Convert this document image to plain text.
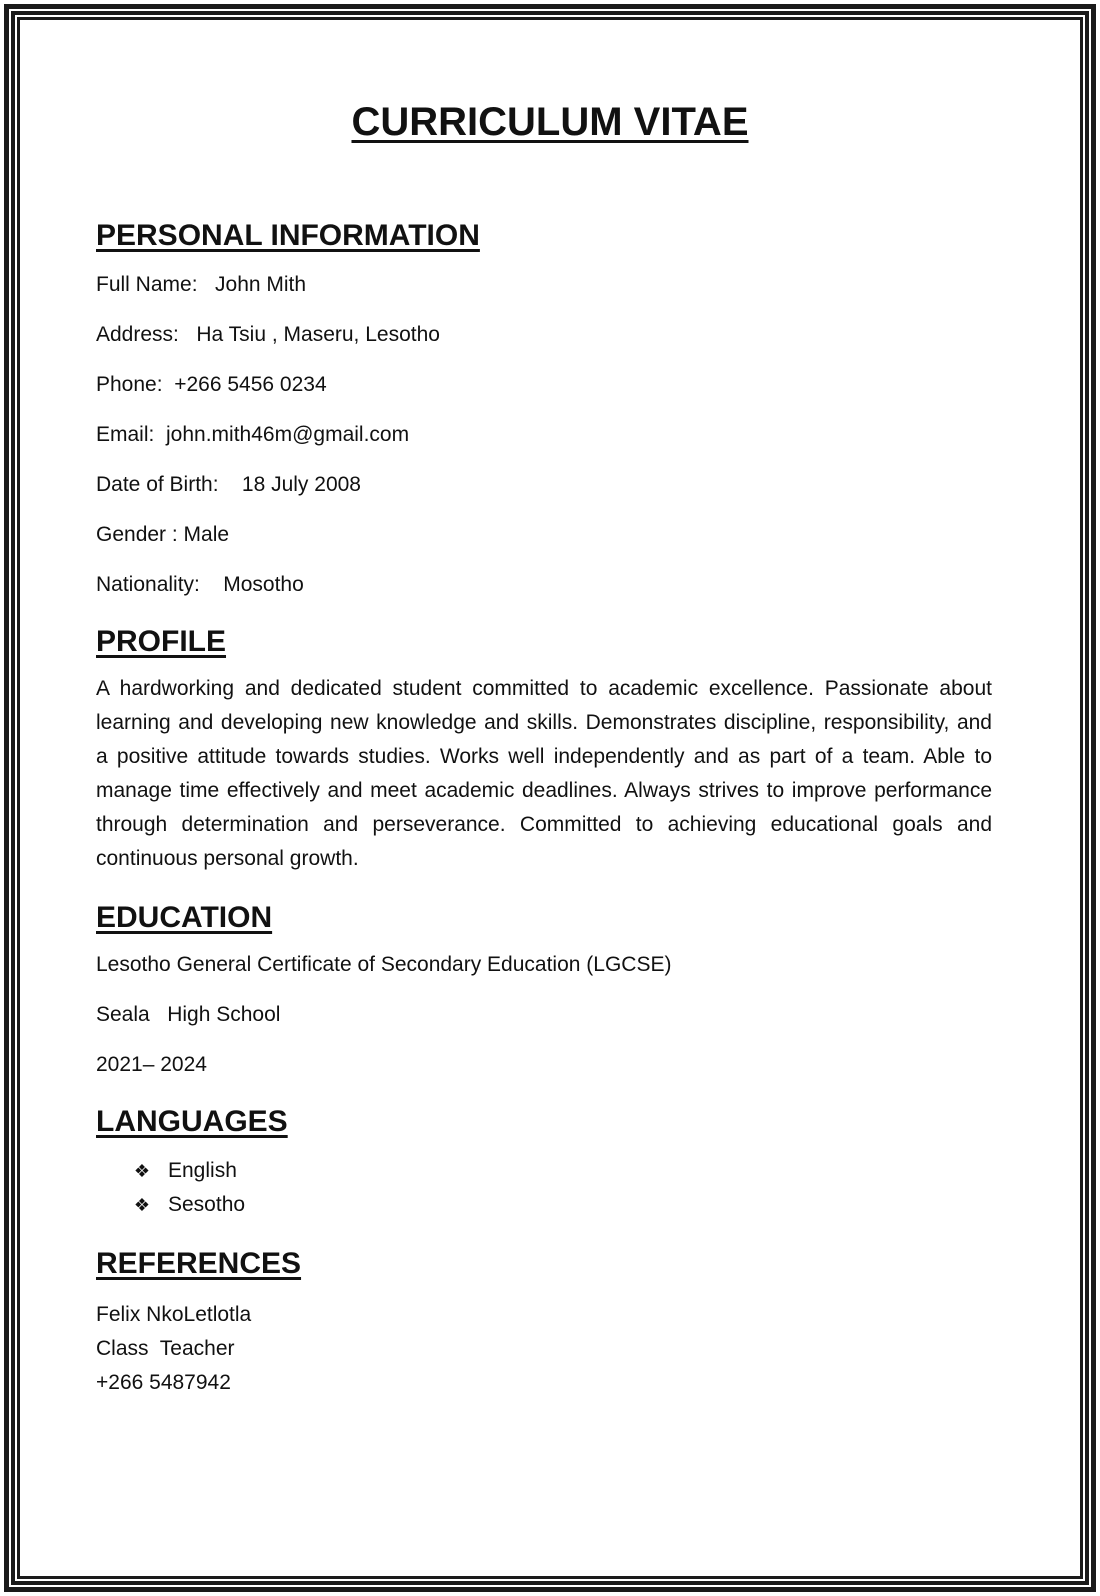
CURRICULUM VITAE
PERSONAL INFORMATION

Full Name:   John Mith

Address:   Ha Tsiu , Maseru, Lesotho

Phone:  +266 5456 0234

Email:  john.mith46m@gmail.com

Date of Birth:    18 July 2008

Gender : Male

Nationality:    Mosotho

PROFILE

A hardworking and dedicated student committed to academic excellence. Passionate about learning and developing new knowledge and skills. Demonstrates discipline, responsibility, and a positive attitude towards studies. Works well independently and as part of a team. Able to manage time effectively and meet academic deadlines. Always strives to improve performance through determination and perseverance. Committed to achieving educational goals and continuous personal growth.

EDUCATION

Lesotho General Certificate of Secondary Education (LGCSE)

Seala   High School

2021– 2024

LANGUAGES
❖ English
❖ Sesotho
REFERENCES

Felix NkoLetlotla

Class  Teacher

+266 5487942
